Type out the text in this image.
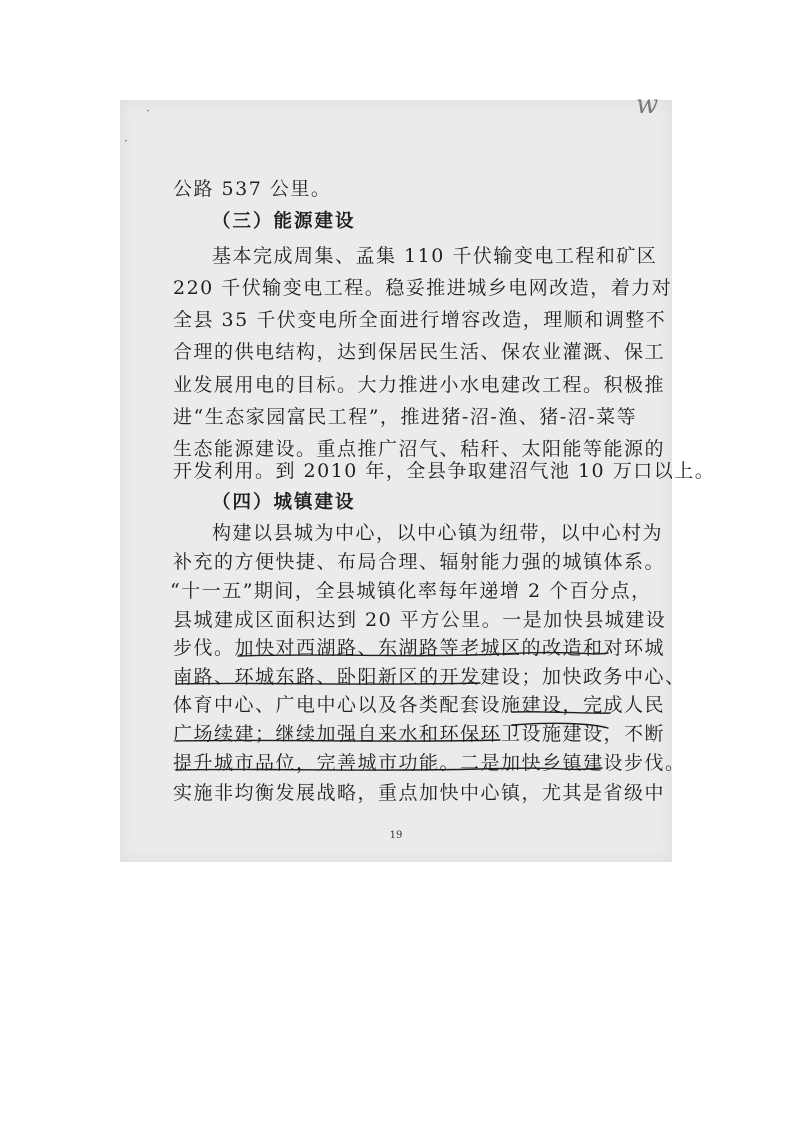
w
·
·
公路 537 公里。
（三）能源建设
基本完成周集、孟集 110 千伏输变电工程和矿区
220 千伏输变电工程。稳妥推进城乡电网改造，着力对
全县 35 千伏变电所全面进行增容改造，理顺和调整不
合理的供电结构，达到保居民生活、保农业灌溉、保工
业发展用电的目标。大力推进小水电建改工程。积极推
进“生态家园富民工程”，推进猪-沼-渔、猪-沼-菜等
生态能源建设。重点推广沼气、秸秆、太阳能等能源的
开发利用。到 2010 年，全县争取建沼气池 10 万口以上。
（四）城镇建设
构建以县城为中心，以中心镇为纽带，以中心村为
补充的方便快捷、布局合理、辐射能力强的城镇体系。
“十一五”期间，全县城镇化率每年递增 2 个百分点，
县城建成区面积达到 20 平方公里。一是加快县城建设
步伐。加快对西湖路、东湖路等老城区的改造和对环城
南路、环城东路、卧阳新区的开发建设；加快政务中心、
体育中心、广电中心以及各类配套设施建设，完成人民
广场续建；继续加强自来水和环保环卫设施建设，不断
提升城市品位，完善城市功能。二是加快乡镇建设步伐。
实施非均衡发展战略，重点加快中心镇，尤其是省级中
19
